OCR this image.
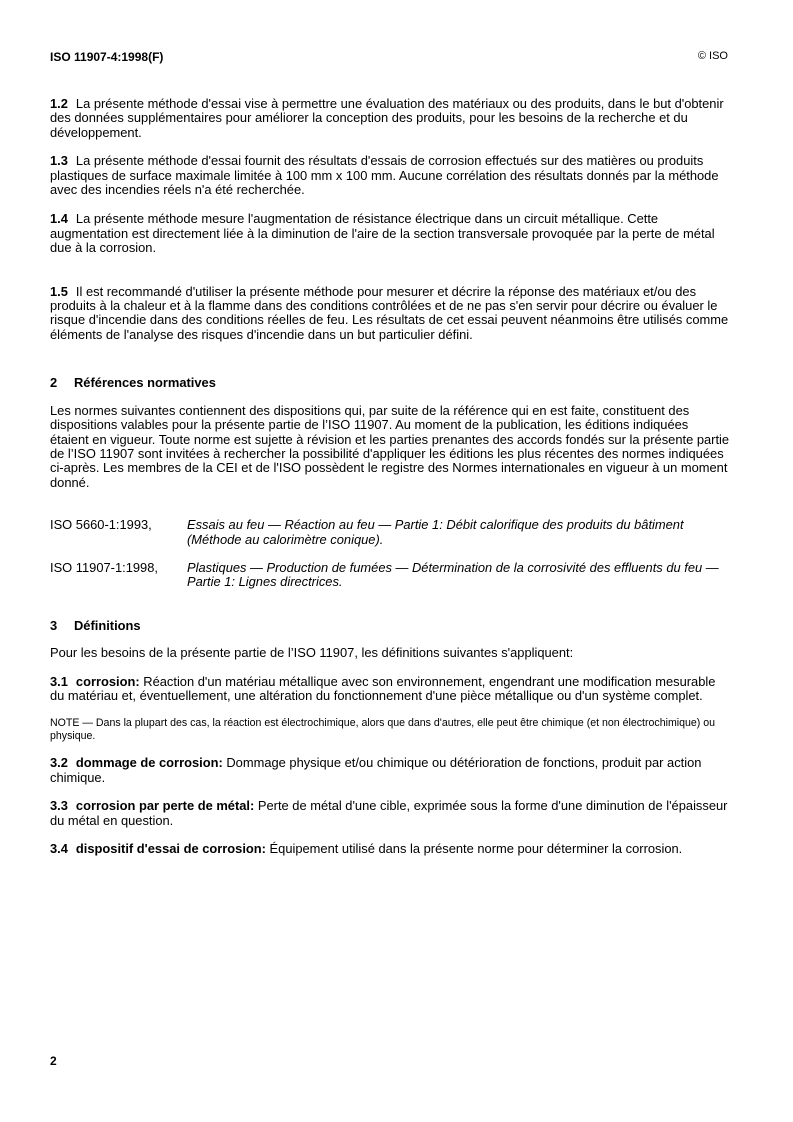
ISO 11907-4:1998(F)	© ISO

1.2 La présente méthode d'essai vise à permettre une évaluation des matériaux ou des produits, dans le but d'obtenir des données supplémentaires pour améliorer la conception des produits, pour les besoins de la recherche et du développement.

1.3 La présente méthode d'essai fournit des résultats d'essais de corrosion effectués sur des matières ou produits plastiques de surface maximale limitée à 100 mm x 100 mm. Aucune corrélation des résultats donnés par la méthode avec des incendies réels n'a été recherchée.

1.4 La présente méthode mesure l'augmentation de résistance électrique dans un circuit métallique. Cette augmentation est directement liée à la diminution de l'aire de la section transversale provoquée par la perte de métal due à la corrosion.

1.5 Il est recommandé d'utiliser la présente méthode pour mesurer et décrire la réponse des matériaux et/ou des produits à la chaleur et à la flamme dans des conditions contrôlées et de ne pas s'en servir pour décrire ou évaluer le risque d'incendie dans des conditions réelles de feu. Les résultats de cet essai peuvent néanmoins être utilisés comme éléments de l'analyse des risques d'incendie dans un but particulier défini.

2 Références normatives

Les normes suivantes contiennent des dispositions qui, par suite de la référence qui en est faite, constituent des dispositions valables pour la présente partie de l’ISO 11907. Au moment de la publication, les éditions indiquées étaient en vigueur. Toute norme est sujette à révision et les parties prenantes des accords fondés sur la présente partie de l’ISO 11907 sont invitées à rechercher la possibilité d'appliquer les éditions les plus récentes des normes indiquées ci-après. Les membres de la CEI et de l'ISO possèdent le registre des Normes internationales en vigueur à un moment donné.

ISO 5660-1:1993,	Essais au feu — Réaction au feu — Partie 1: Débit calorifique des produits du bâtiment (Méthode au calorimètre conique).

ISO 11907-1:1998,	Plastiques — Production de fumées — Détermination de la corrosivité des effluents du feu — Partie 1: Lignes directrices.

3 Définitions

Pour les besoins de la présente partie de l’ISO 11907, les définitions suivantes s'appliquent:

3.1 corrosion: Réaction d'un matériau métallique avec son environnement, engendrant une modification mesurable du matériau et, éventuellement, une altération du fonctionnement d'une pièce métallique ou d'un système complet.

NOTE — Dans la plupart des cas, la réaction est électrochimique, alors que dans d'autres, elle peut être chimique (et non électrochimique) ou physique.

3.2 dommage de corrosion: Dommage physique et/ou chimique ou détérioration de fonctions, produit par action chimique.

3.3 corrosion par perte de métal: Perte de métal d'une cible, exprimée sous la forme d'une diminution de l'épaisseur du métal en question.

3.4 dispositif d'essai de corrosion: Équipement utilisé dans la présente norme pour déterminer la corrosion.

2
